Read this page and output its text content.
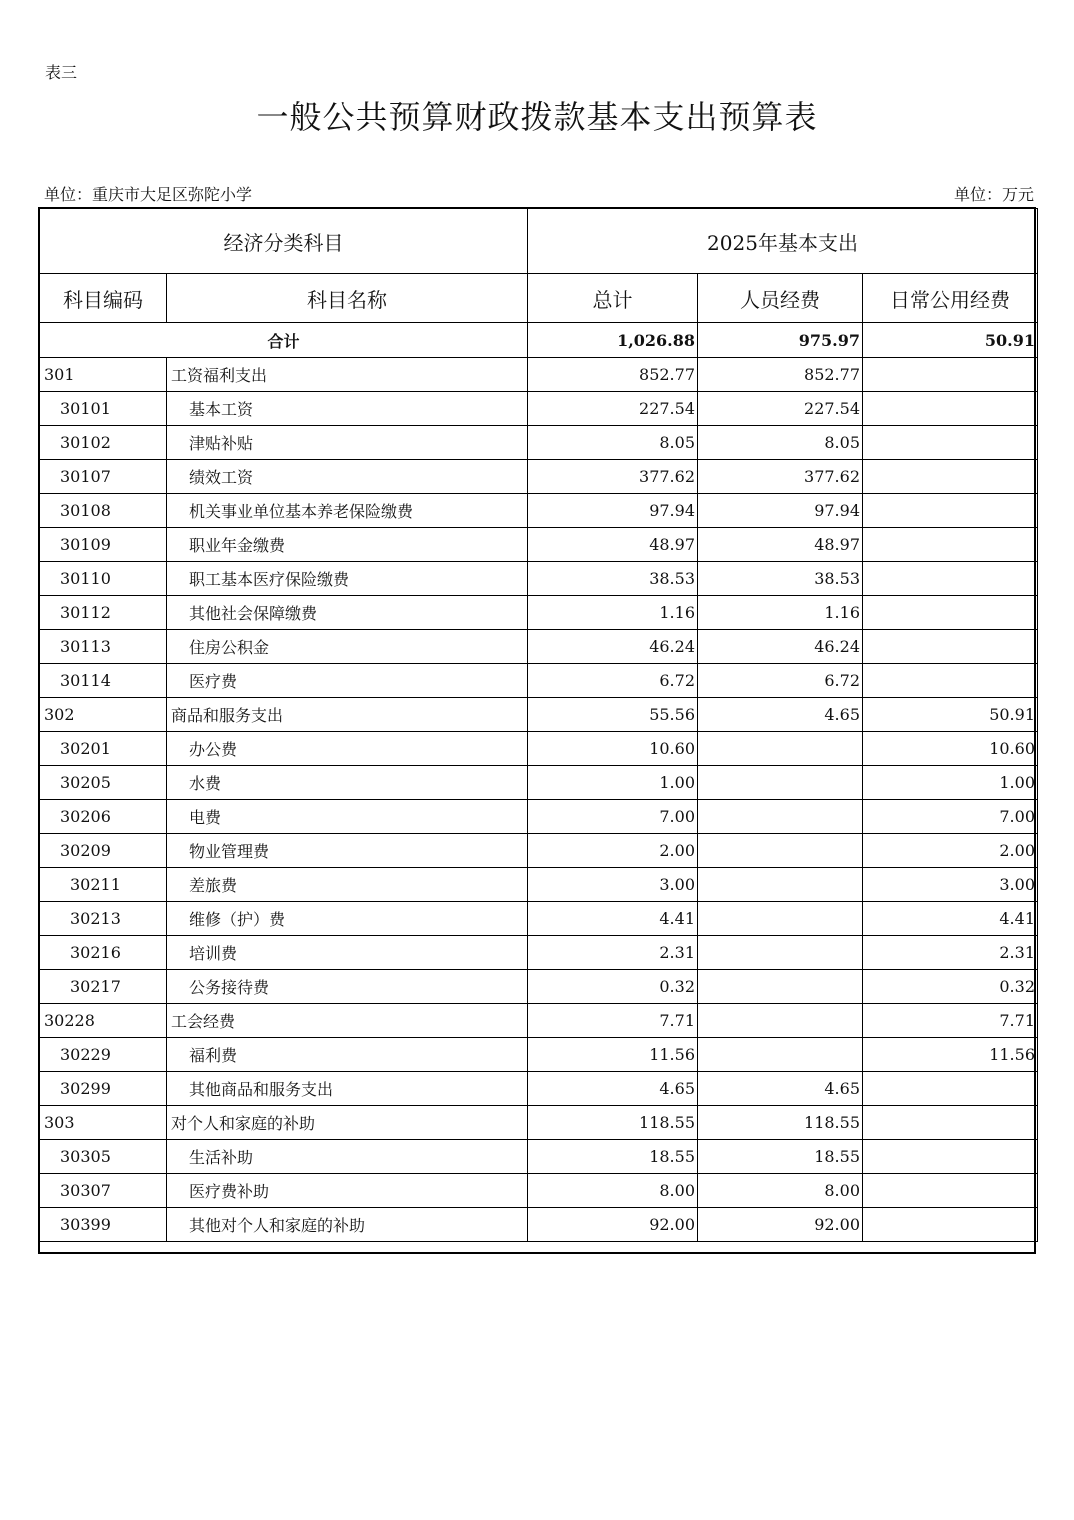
表三
一般公共预算财政拨款基本支出预算表
单位：重庆市大足区弥陀小学	单位：万元
经济分类科目		2025年基本支出		
科目编码	科目名称	总计	人员经费	日常公用经费
合计		1,026.88	975.97	50.91
301	工资福利支出	852.77	852.77	
30101	基本工资	227.54	227.54	
30102	津贴补贴	8.05	8.05	
30107	绩效工资	377.62	377.62	
30108	机关事业单位基本养老保险缴费	97.94	97.94	
30109	职业年金缴费	48.97	48.97	
30110	职工基本医疗保险缴费	38.53	38.53	
30112	其他社会保障缴费	1.16	1.16	
30113	住房公积金	46.24	46.24	
30114	医疗费	6.72	6.72	
302	商品和服务支出	55.56	4.65	50.91
30201	办公费	10.60		10.60
30205	水费	1.00		1.00
30206	电费	7.00		7.00
30209	物业管理费	2.00		2.00
30211	差旅费	3.00		3.00
30213	维修（护）费	4.41		4.41
30216	培训费	2.31		2.31
30217	公务接待费	0.32		0.32
30228	工会经费	7.71		7.71
30229	福利费	11.56		11.56
30299	其他商品和服务支出	4.65	4.65	
303	对个人和家庭的补助	118.55	118.55	
30305	生活补助	18.55	18.55	
30307	医疗费补助	8.00	8.00	
30399	其他对个人和家庭的补助	92.00	92.00	
